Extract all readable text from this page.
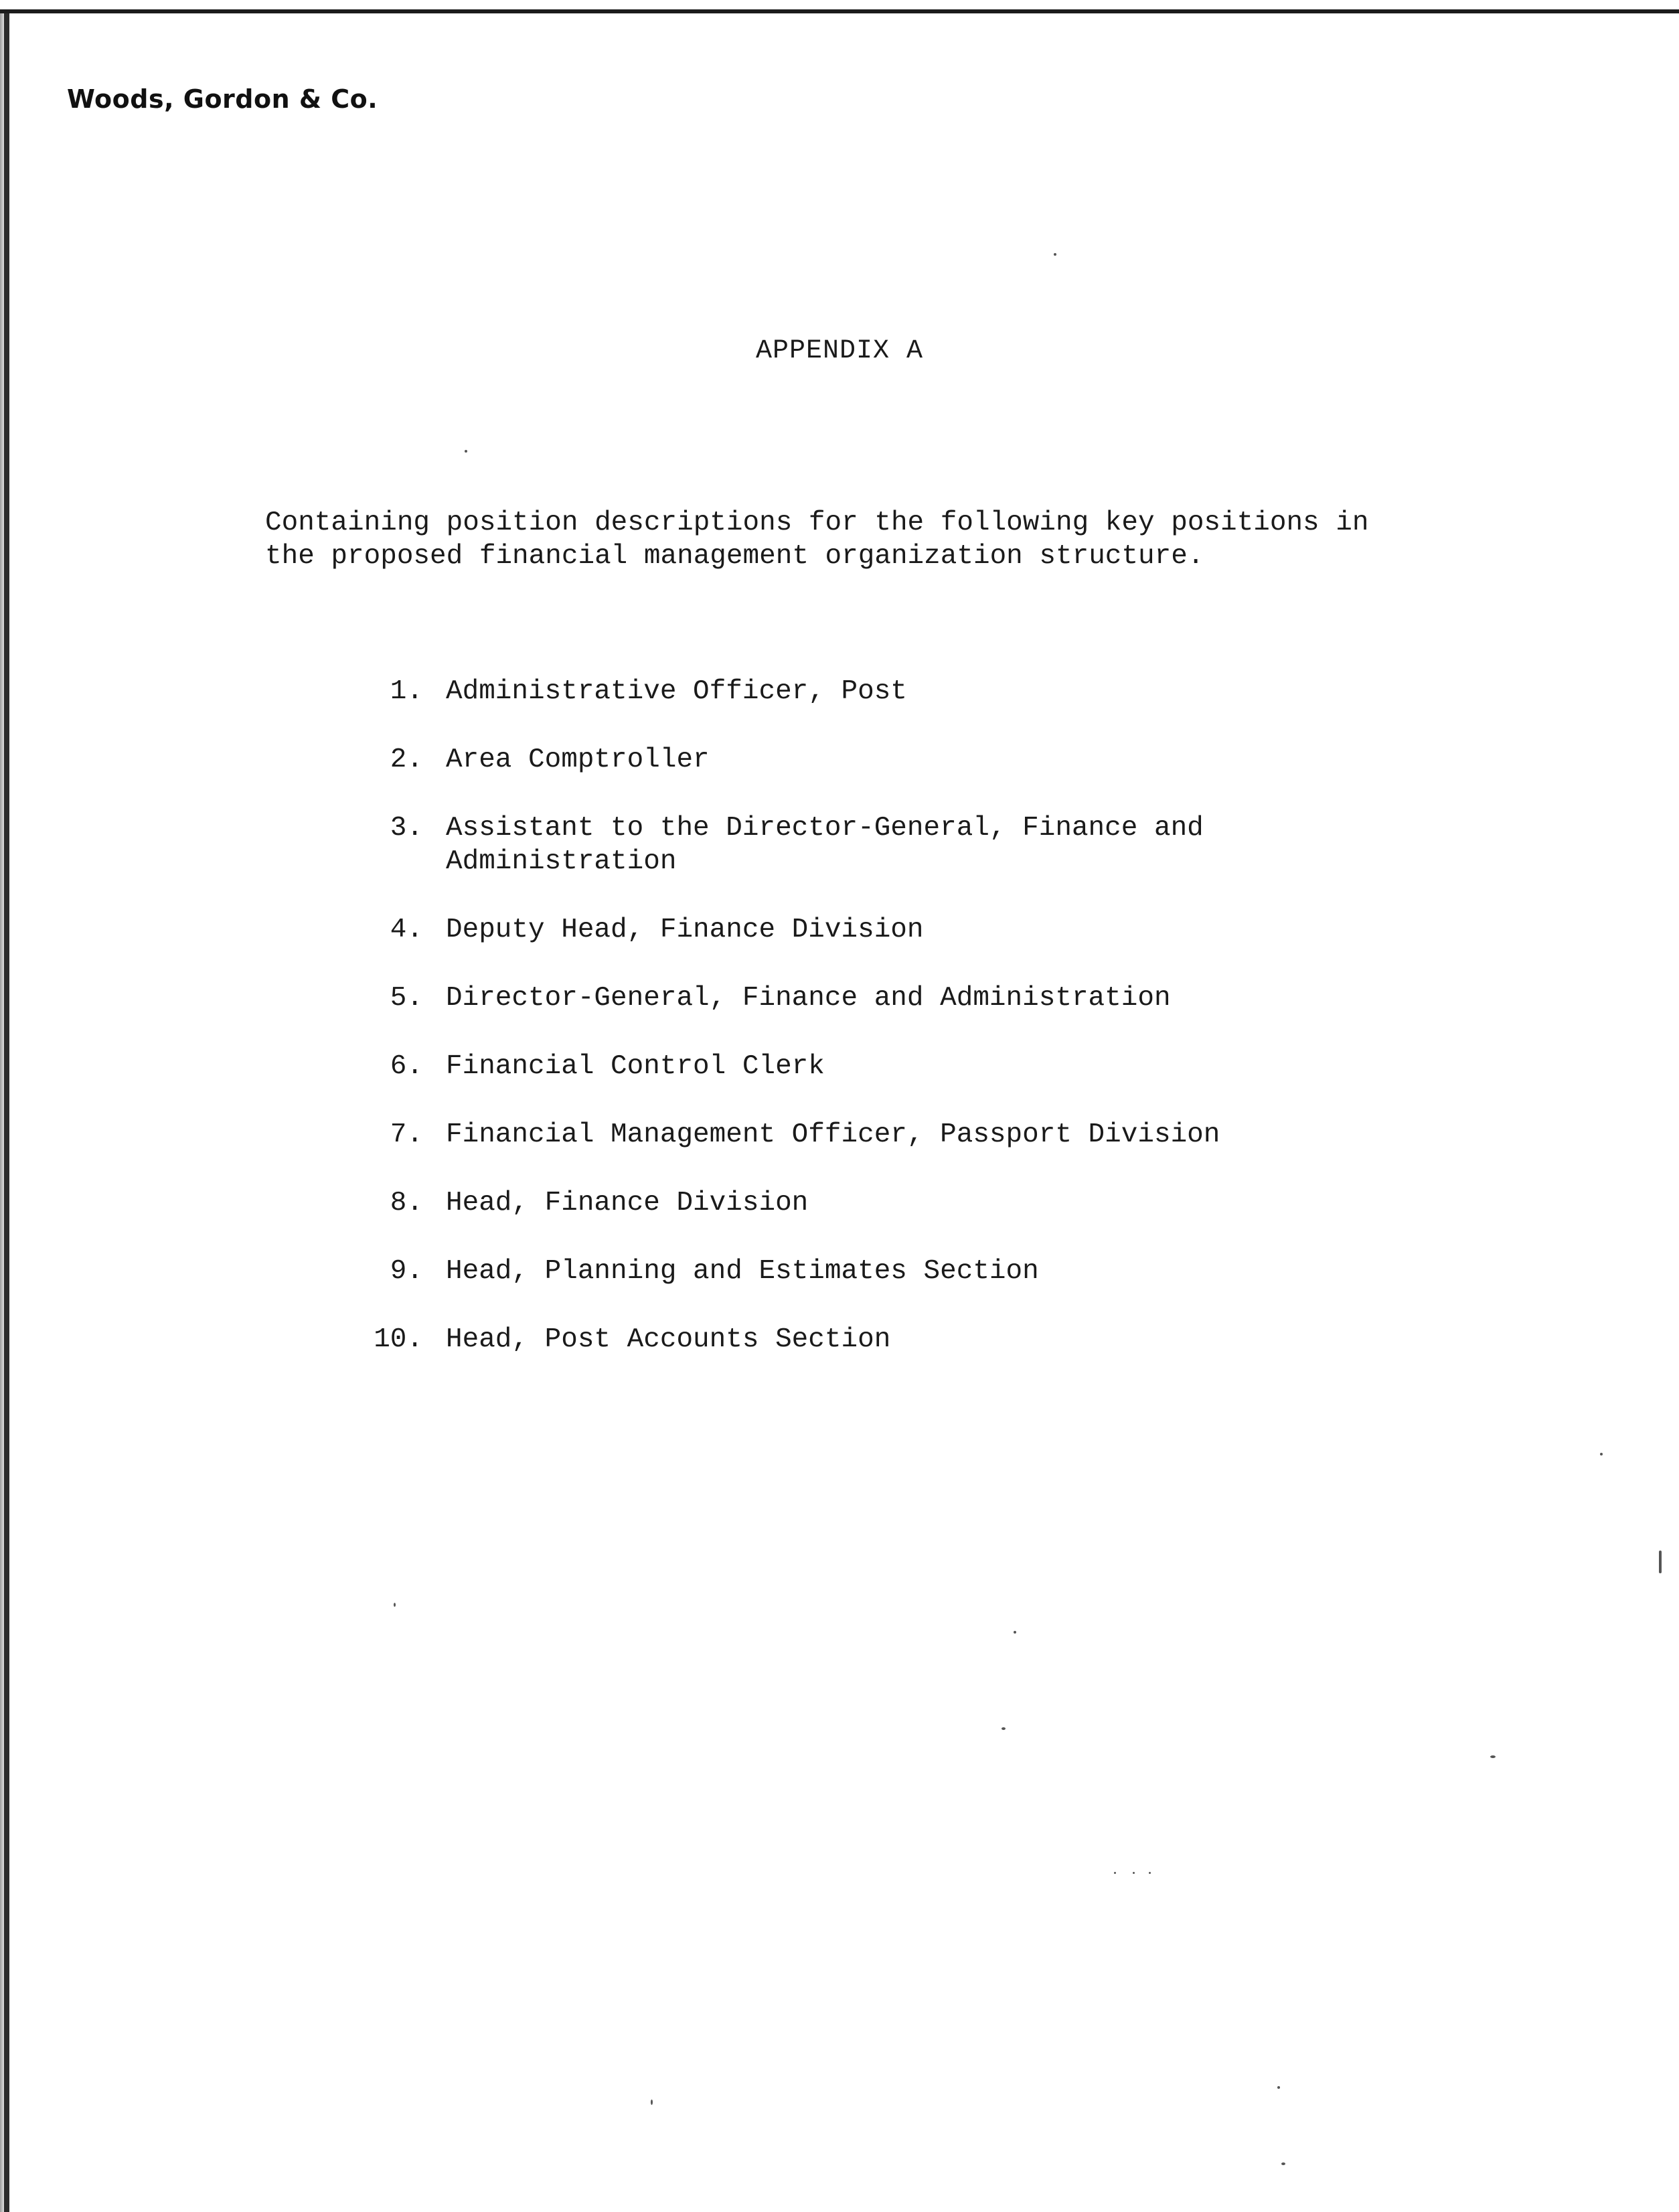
Woods, Gordon & Co.
APPENDIX A
Containing position descriptions for the following key positions in
the proposed financial management organization structure.
1. Administrative Officer, Post
2. Area Comptroller
3. Assistant to the Director-General, Finance and
Administration
4. Deputy Head, Finance Division
5. Director-General, Finance and Administration
6. Financial Control Clerk
7. Financial Management Officer, Passport Division
8. Head, Finance Division
9. Head, Planning and Estimates Section
10. Head, Post Accounts Section
